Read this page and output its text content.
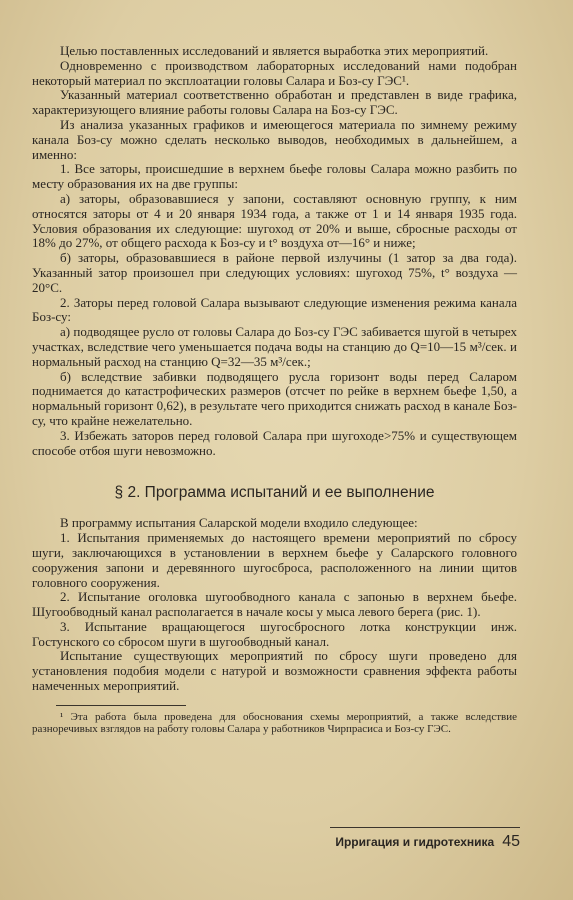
Целью поставленных исследований и является выработка этих мероприятий.

Одновременно с производством лабораторных исследований нами подобран некоторый материал по эксплоатации головы Салара и Боз-су ГЭС¹.

Указанный материал соответственно обработан и представлен в виде графика, характеризующего влияние работы головы Салара на Боз-су ГЭС.

Из анализа указанных графиков и имеющегося материала по зимнему режиму канала Боз-су можно сделать несколько выводов, необходимых в дальнейшем, а именно:

1. Все заторы, происшедшие в верхнем бьефе головы Салара можно разбить по месту образования их на две группы:

а) заторы, образовавшиеся у запони, составляют основную группу, к ним относятся заторы от 4 и 20 января 1934 года, а также от 1 и 14 января 1935 года. Условия образования их следующие: шугоход от 20% и выше, сбросные расходы от 18% до 27%, от общего расхода к Боз-су и t° воздуха от—16° и ниже;

б) заторы, образовавшиеся в районе первой излучины (1 затор за два года). Указанный затор произошел при следующих условиях: шугоход 75%, t° воздуха — 20°С.

2. Заторы перед головой Салара вызывают следующие изменения режима канала Боз-су:

а) подводящее русло от головы Салара до Боз-су ГЭС забивается шугой в четырех участках, вследствие чего уменьшается подача воды на станцию до Q=10—15 м³/сек. и нормальный расход на станцию Q=32—35 м³/сек.;

б) вследствие забивки подводящего русла горизонт воды перед Саларом поднимается до катастрофических размеров (отсчет по рейке в верхнем бьефе 1,50, а нормальный горизонт 0,62), в результате чего приходится снижать расход в канале Боз-су, что крайне нежелательно.

3. Избежать заторов перед головой Салара при шугоходе>75% и существующем способе отбоя шуги невозможно.

§ 2. Программа испытаний и ее выполнение

В программу испытания Саларской модели входило следующее:

1. Испытания применяемых до настоящего времени мероприятий по сбросу шуги, заключающихся в установлении в верхнем бьефе у Саларского головного сооружения запони и деревянного шугосброса, расположенного на линии щитов головного сооружения.

2. Испытание оголовка шугообводного канала с запонью в верхнем бьефе. Шугообводный канал располагается в начале косы у мыса левого берега (рис. 1).

3. Испытание вращающегося шугосбросного лотка конструкции инж. Гостунского со сбросом шуги в шугообводный канал.

Испытание существующих мероприятий по сбросу шуги проведено для установления подобия модели с натурой и возможности сравнения эффекта работы намеченных мероприятий.

¹ Эта работа была проведена для обоснования схемы мероприятий, а также вследствие разноречивых взглядов на работу головы Салара у работников Чирпрасиса и Боз-су ГЭС.

Ирригация и гидротехника 45
